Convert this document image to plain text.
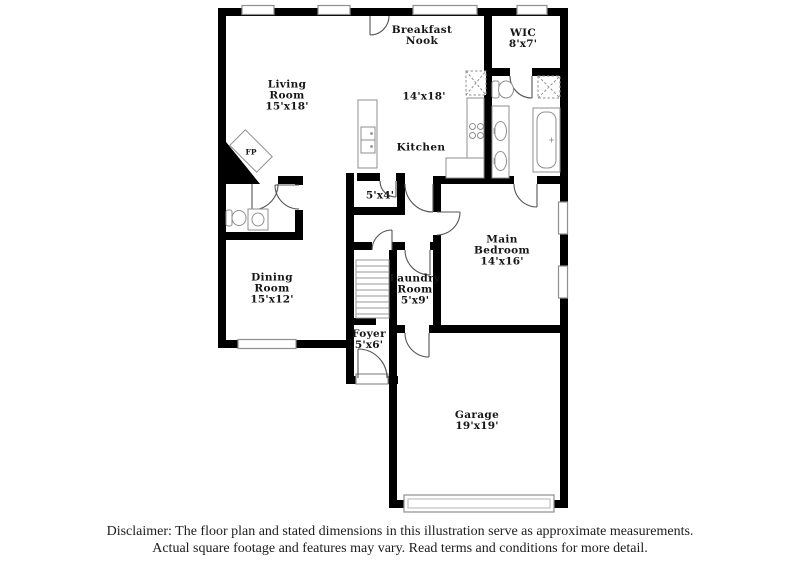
Living
Room
15'x18'
Breakfast
Nook
WIC
8'x7'
14'x18'
Kitchen
5'x4'
Main
Bedroom
14'x16'
Dining
Room
15'x12'
Laundry
Room
5'x9'
Foyer
5'x6'
Garage
19'x19'
FP
Disclaimer: The floor plan and stated dimensions in this illustration serve as approximate measurements.
Actual square footage and features may vary. Read terms and conditions for more detail.
